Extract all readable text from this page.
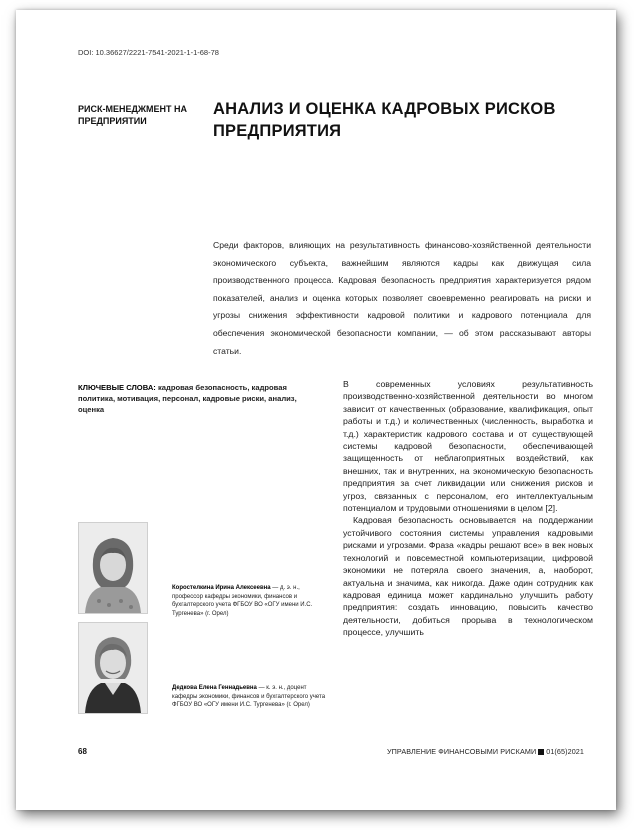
DOI: 10.36627/2221-7541-2021-1-1-68-78
РИСК-МЕНЕДЖМЕНТ НА ПРЕДПРИЯТИИ
АНАЛИЗ И ОЦЕНКА КАДРОВЫХ РИСКОВ ПРЕДПРИЯТИЯ
Среди факторов, влияющих на результативность финансово-хозяйственной деятельности экономического субъекта, важнейшим являются кадры как движущая сила производственного процесса. Кадровая безопасность предприятия характеризуется рядом показателей, анализ и оценка которых позволяет своевременно реагировать на риски и угрозы снижения эффективности кадровой политики и кадрового потенциала для обеспечения экономической безопасности компании, — об этом рассказывают авторы статьи.
КЛЮЧЕВЫЕ СЛОВА: кадровая безопасность, кадровая политика, мотивация, персонал, кадровые риски, анализ, оценка

В современных условиях результативность производственно-хозяйственной деятельности во многом зависит от качественных (образование, квалификация, опыт работы и т.д.) и количественных (численность, выработка и т.д.) характеристик кадрового состава и от существующей системы кадровой безопасности, обеспечивающей защищенность от неблагоприятных воздействий, как внешних, так и внутренних, на экономическую безопасность предприятия за счет ликвидации или снижения рисков и угроз, связанных с персоналом, его интеллектуальным потенциалом и трудовыми отношениями в целом [2].

Кадровая безопасность основывается на поддержании устойчивого состояния системы управления кадровыми рисками и угрозами. Фраза «кадры решают все» в век новых технологий и повсеместной компьютеризации, цифровой экономики не потеряла своего значения, а, наоборот, актуальна и значима, как никогда. Даже один сотрудник как кадровая единица может кардинально улучшить работу предприятия: создать инновацию, повысить качество деятельности, добиться прорыва в технологическом процессе, улучшить

Коростелкина Ирина Алексеевна — д. э. н., профессор кафедры экономики, финансов и бухгалтерского учета ФГБОУ ВО «ОГУ имени И.С. Тургенева» (г. Орел)
Дедкова Елена Геннадьевна — к. э. н., доцент кафедры экономики, финансов и бухгалтерского учета ФГБОУ ВО «ОГУ имени И.С. Тургенева» (г. Орел)
68	УПРАВЛЕНИЕ ФИНАНСОВЫМИ РИСКАМИ 01(65)2021
